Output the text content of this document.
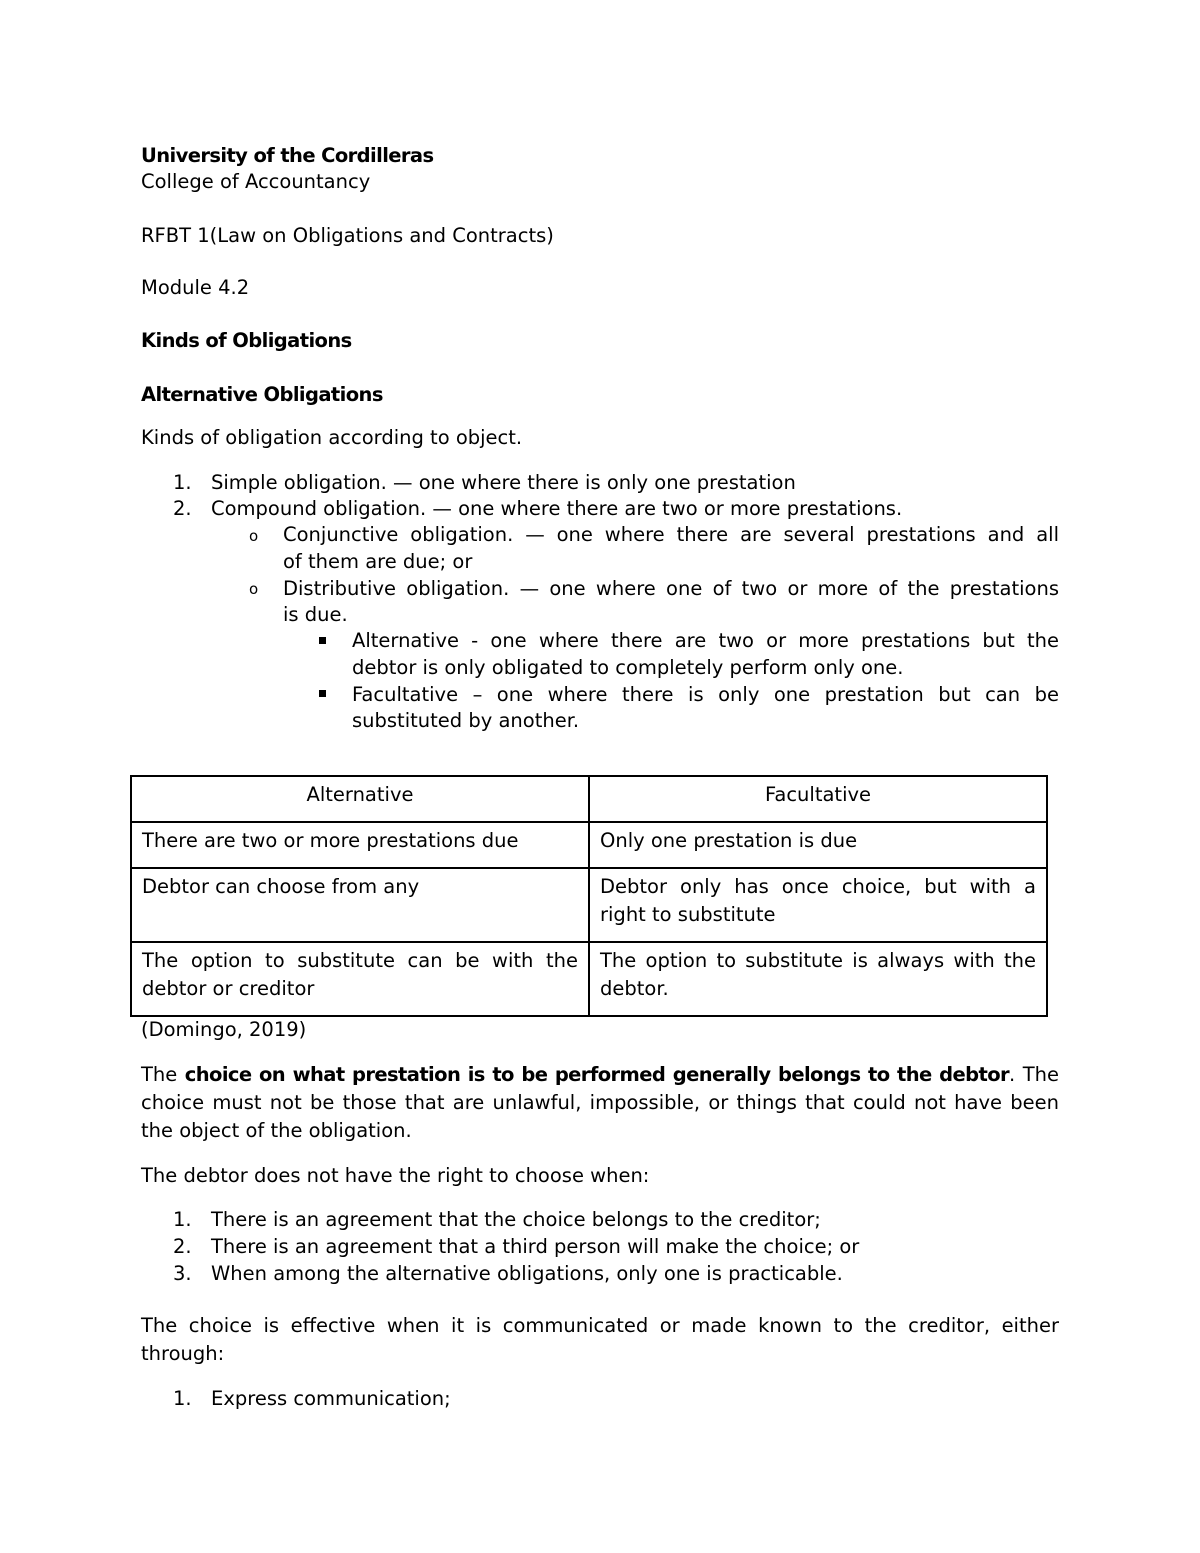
University of the Cordilleras
College of Accountancy
RFBT 1(Law on Obligations and Contracts)
Module 4.2
Kinds of Obligations
Alternative Obligations
Kinds of obligation according to object.
1. Simple obligation. — one where there is only one prestation
2. Compound obligation. — one where there are two or more prestations.
o Conjunctive obligation. — one where there are several prestations and all
of them are due; or
o Distributive obligation. — one where one of two or more of the prestations
is due.
Alternative - one where there are two or more prestations but the
debtor is only obligated to completely perform only one.
Facultative – one where there is only one prestation but can be
substituted by another.
Alternative	Facultative
There are two or more prestations due	Only one prestation is due
Debtor can choose from any	Debtor only has once choice, but with a right to substitute
The option to substitute can be with the debtor or creditor	The option to substitute is always with the debtor.
(Domingo, 2019)
The choice on what prestation is to be performed generally belongs to the debtor. The choice must not be those that are unlawful, impossible, or things that could not have been the object of the obligation.
The debtor does not have the right to choose when:
1. There is an agreement that the choice belongs to the creditor;
2. There is an agreement that a third person will make the choice; or
3. When among the alternative obligations, only one is practicable.
The choice is effective when it is communicated or made known to the creditor, either
through:
1. Express communication;
